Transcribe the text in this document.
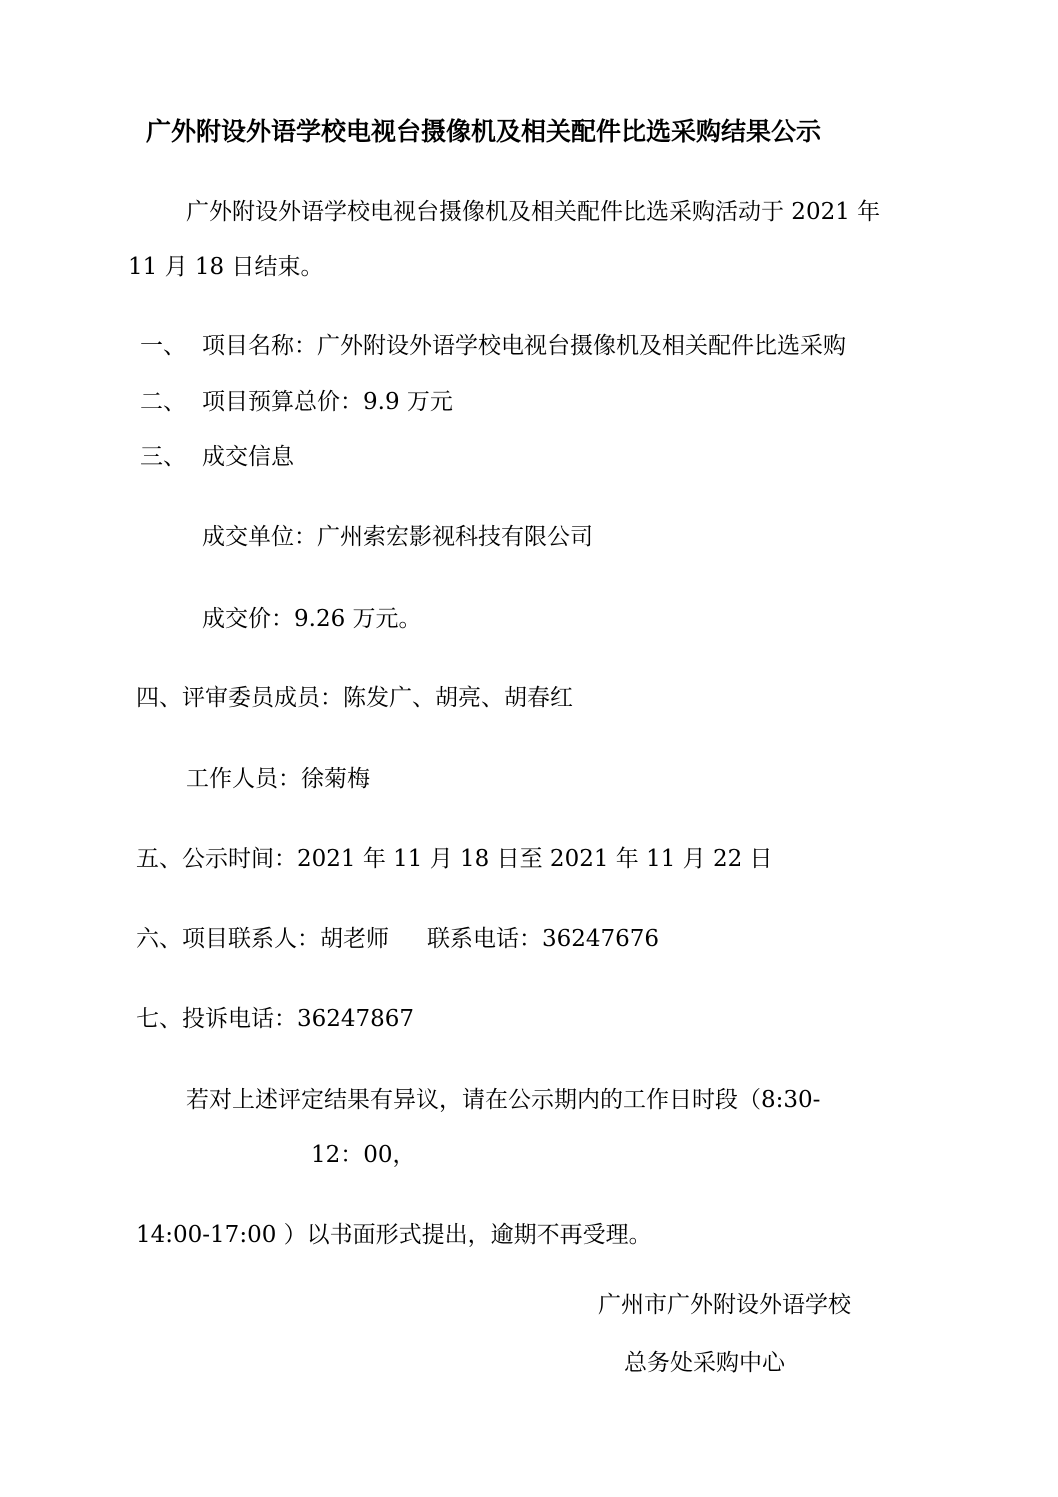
广外附设外语学校电视台摄像机及相关配件比选采购结果公示
广外附设外语学校电视台摄像机及相关配件比选采购活动于 2021 年
11 月 18 日结束。
一、 项目名称：广外附设外语学校电视台摄像机及相关配件比选采购
二、 项目预算总价：9.9 万元
三、 成交信息
成交单位：广州索宏影视科技有限公司
成交价：9.26 万元。
四、评审委员成员：陈发广、胡亮、胡春红
工作人员：徐菊梅
五、公示时间：2021 年 11 月 18 日至 2021 年 11 月 22 日
六、项目联系人：胡老师 联系电话：36247676
七、投诉电话：36247867
若对上述评定结果有异议，请在公示期内的工作日时段（8:30-
12：00，
14:00-17:00 ）以书面形式提出，逾期不再受理。
广州市广外附设外语学校
总务处采购中心
